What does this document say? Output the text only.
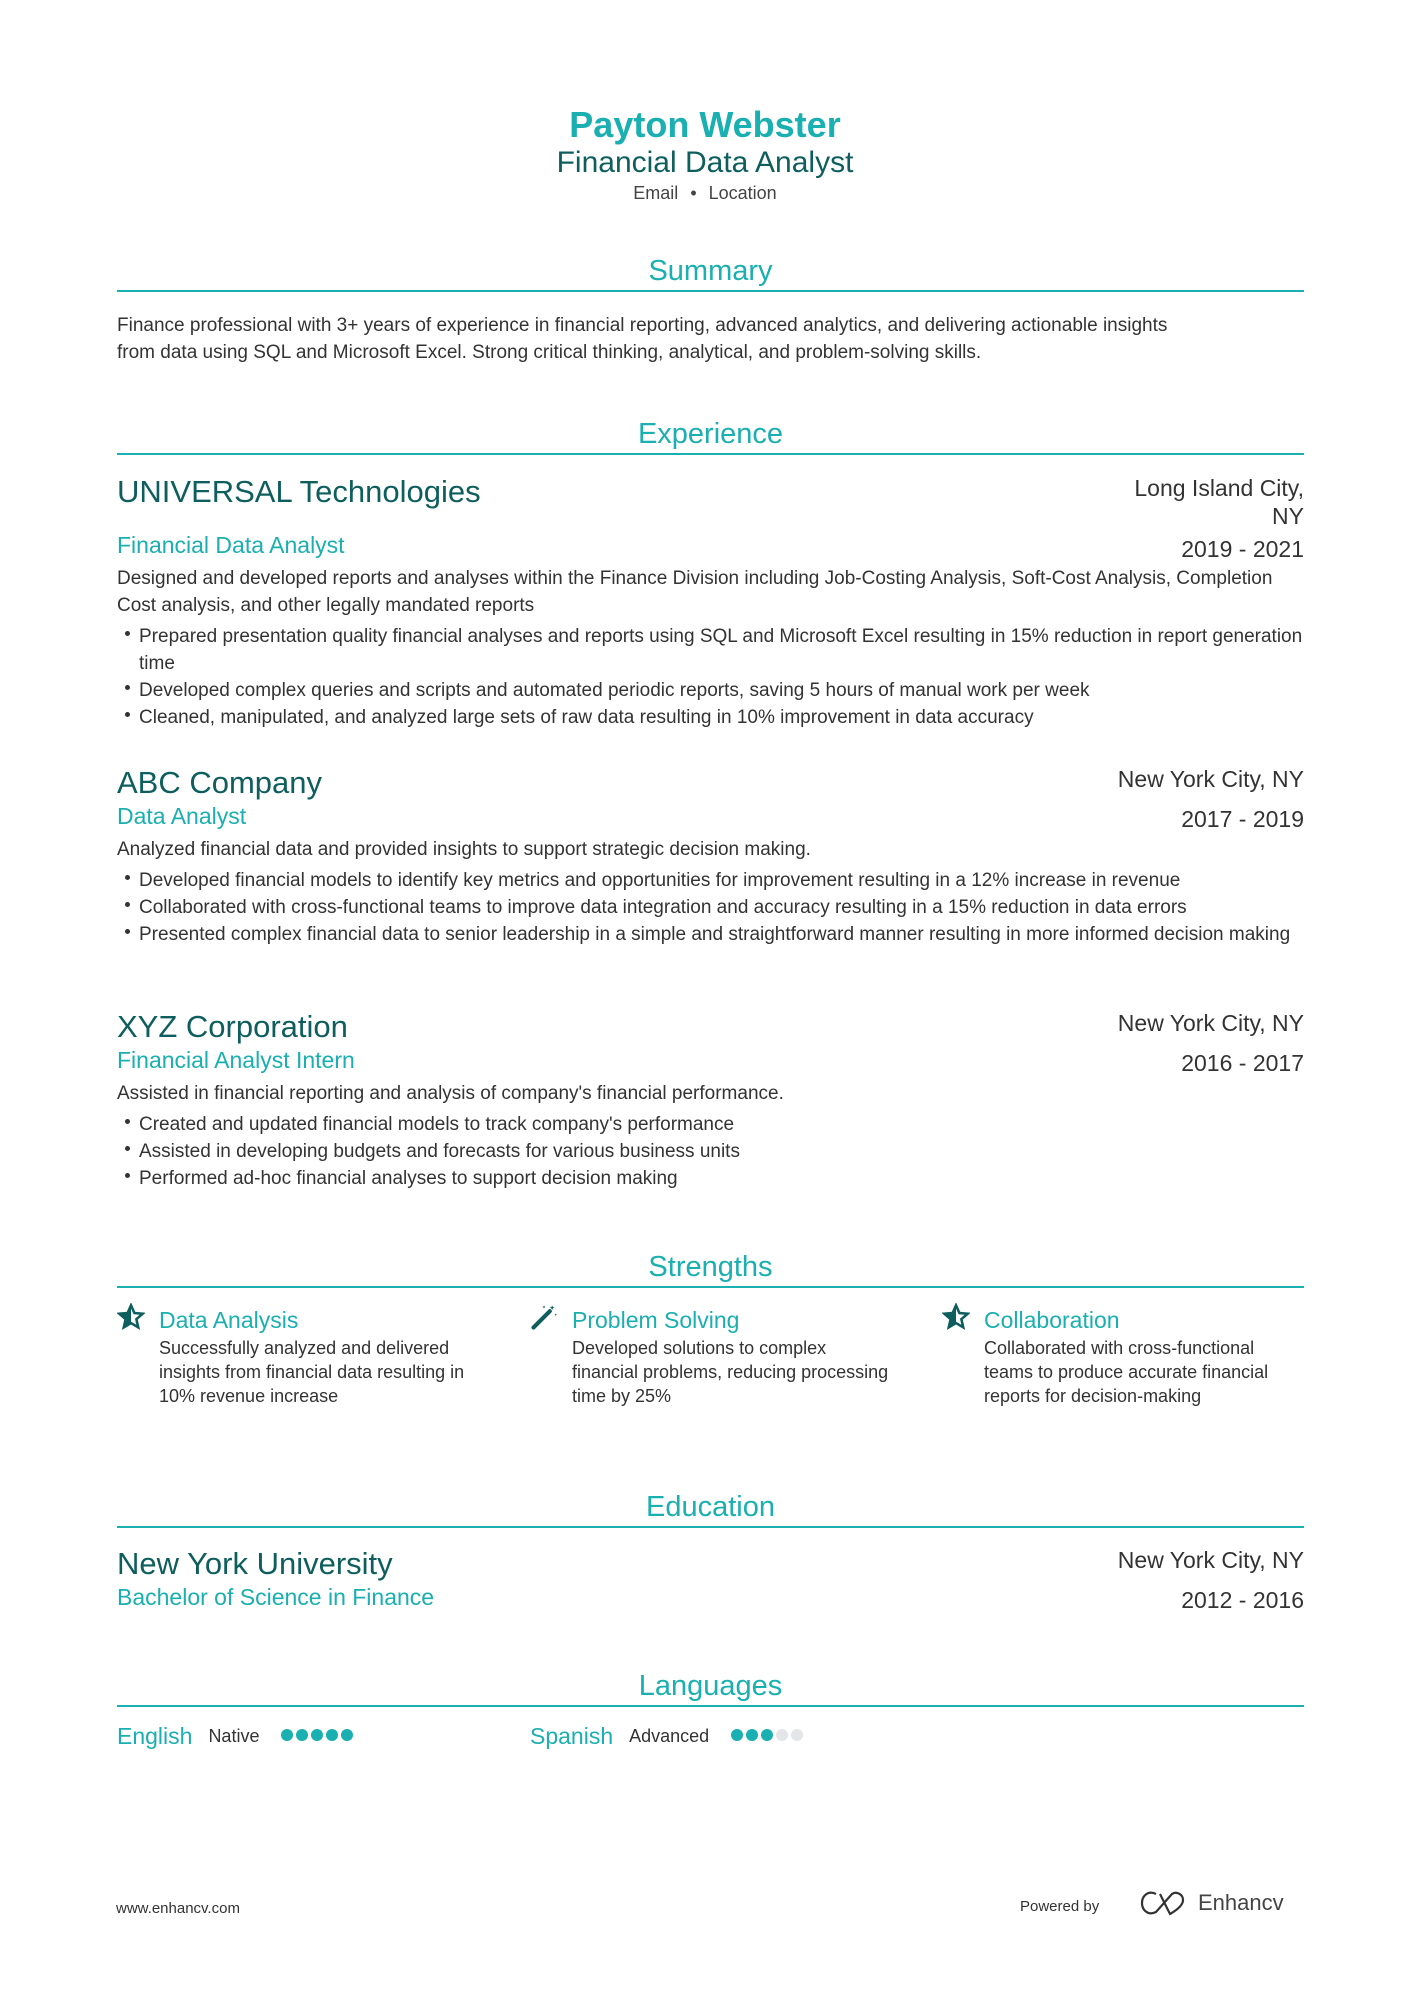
Payton Webster
Financial Data Analyst
Email • Location
Summary
Finance professional with 3+ years of experience in financial reporting, advanced analytics, and delivering actionable insights
from data using SQL and Microsoft Excel. Strong critical thinking, analytical, and problem-solving skills.
Experience
UNIVERSAL Technologies	Long Island City,
NY
Financial Data Analyst	2019 - 2021
Designed and developed reports and analyses within the Finance Division including Job-Costing Analysis, Soft-Cost Analysis, Completion Cost analysis, and other legally mandated reports
Prepared presentation quality financial analyses and reports using SQL and Microsoft Excel resulting in 15% reduction in report generation time
Developed complex queries and scripts and automated periodic reports, saving 5 hours of manual work per week
Cleaned, manipulated, and analyzed large sets of raw data resulting in 10% improvement in data accuracy
ABC Company	New York City, NY
Data Analyst	2017 - 2019
Analyzed financial data and provided insights to support strategic decision making.
Developed financial models to identify key metrics and opportunities for improvement resulting in a 12% increase in revenue
Collaborated with cross-functional teams to improve data integration and accuracy resulting in a 15% reduction in data errors
Presented complex financial data to senior leadership in a simple and straightforward manner resulting in more informed decision making
XYZ Corporation	New York City, NY
Financial Analyst Intern	2016 - 2017
Assisted in financial reporting and analysis of company's financial performance.
Created and updated financial models to track company's performance
Assisted in developing budgets and forecasts for various business units
Performed ad-hoc financial analyses to support decision making
Strengths
Data Analysis
Successfully analyzed and delivered insights from financial data resulting in 10% revenue increase
Problem Solving
Developed solutions to complex financial problems, reducing processing time by 25%
Collaboration
Collaborated with cross-functional teams to produce accurate financial reports for decision-making
Education
New York University	New York City, NY
Bachelor of Science in Finance	2012 - 2016
Languages
English Native	Spanish Advanced
www.enhancv.com	Powered by	Enhancv
